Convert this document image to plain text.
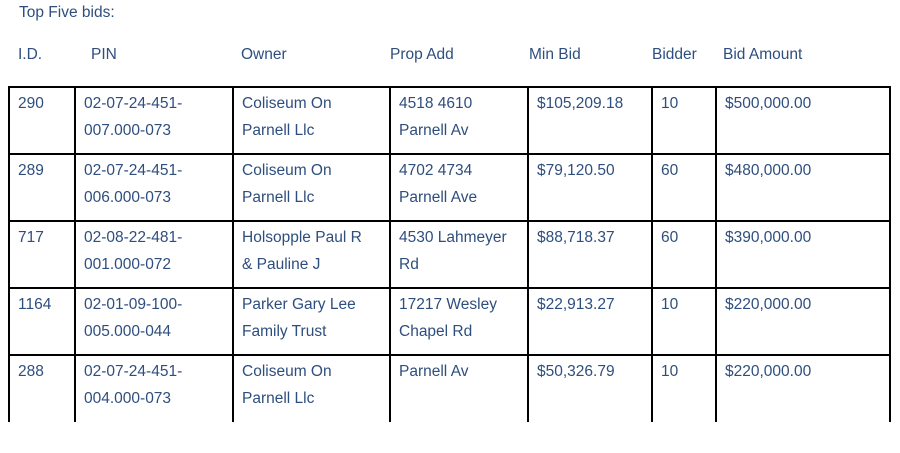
Top Five bids:
I.D.	PIN	Owner	Prop Add	Min Bid	Bidder Bid Amount
290	02-07-24-451-
007.000-073	Coliseum On
Parnell Llc	4518 4610
Parnell Av	$105,209.18	10	$500,000.00
289	02-07-24-451-
006.000-073	Coliseum On
Parnell Llc	4702 4734
Parnell Ave	$79,120.50	60	$480,000.00
717	02-08-22-481-
001.000-072	Holsopple Paul R
& Pauline J	4530 Lahmeyer
Rd	$88,718.37	60	$390,000.00
1164	02-01-09-100-
005.000-044	Parker Gary Lee
Family Trust	17217 Wesley
Chapel Rd	$22,913.27	10	$220,000.00
288	02-07-24-451-
004.000-073	Coliseum On
Parnell Llc	Parnell Av	$50,326.79	10	$220,000.00
